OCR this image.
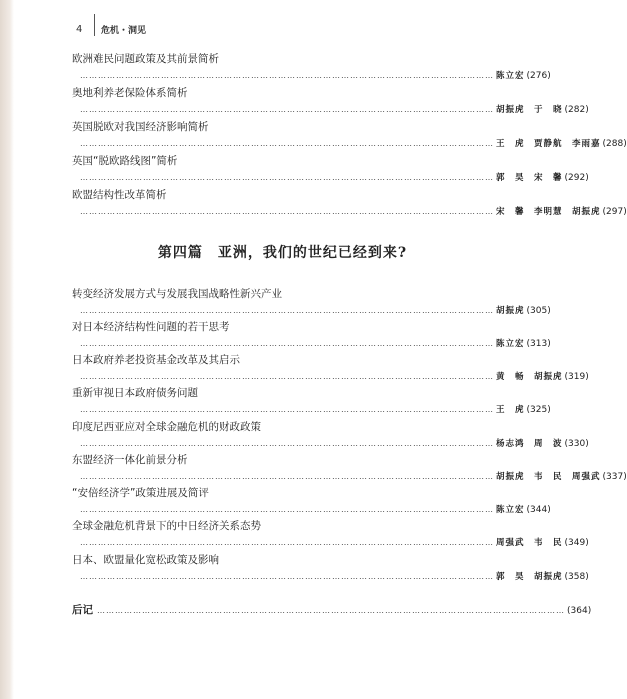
4	危机・洞见
欧洲难民问题政策及其前景简析
………………………………………………………………………………………………………………………… 陈立宏 (276)
奥地利养老保险体系简析
………………………………………………………………………………………………………………………… 胡振虎　于　晓 (282)
英国脱欧对我国经济影响简析
………………………………………………………………………………………………………………………… 王　虎　贾静航　李雨嘉 (288)
英国“脱欧路线图”简析
………………………………………………………………………………………………………………………… 郭　昊　宋　馨 (292)
欧盟结构性改革简析
………………………………………………………………………………………………………………………… 宋　馨　李明慧　胡振虎 (297)
第四篇　亚洲，我们的世纪已经到来?
转变经济发展方式与发展我国战略性新兴产业
………………………………………………………………………………………………………………………… 胡振虎 (305)
对日本经济结构性问题的若干思考
………………………………………………………………………………………………………………………… 陈立宏 (313)
日本政府养老投资基金改革及其启示
………………………………………………………………………………………………………………………… 黄　畅　胡振虎 (319)
重新审视日本政府债务问题
………………………………………………………………………………………………………………………… 王　虎 (325)
印度尼西亚应对全球金融危机的财政政策
………………………………………………………………………………………………………………………… 杨志鸿　周　波 (330)
东盟经济一体化前景分析
………………………………………………………………………………………………………………………… 胡振虎　韦　民　周强武 (337)
“安倍经济学”政策进展及简评
………………………………………………………………………………………………………………………… 陈立宏 (344)
全球金融危机背景下的中日经济关系态势
………………………………………………………………………………………………………………………… 周强武　韦　民 (349)
日本、欧盟量化宽松政策及影响
………………………………………………………………………………………………………………………… 郭　昊　胡振虎 (358)
后记 ………………………………………………………………………………………………………………………………………… (364)
